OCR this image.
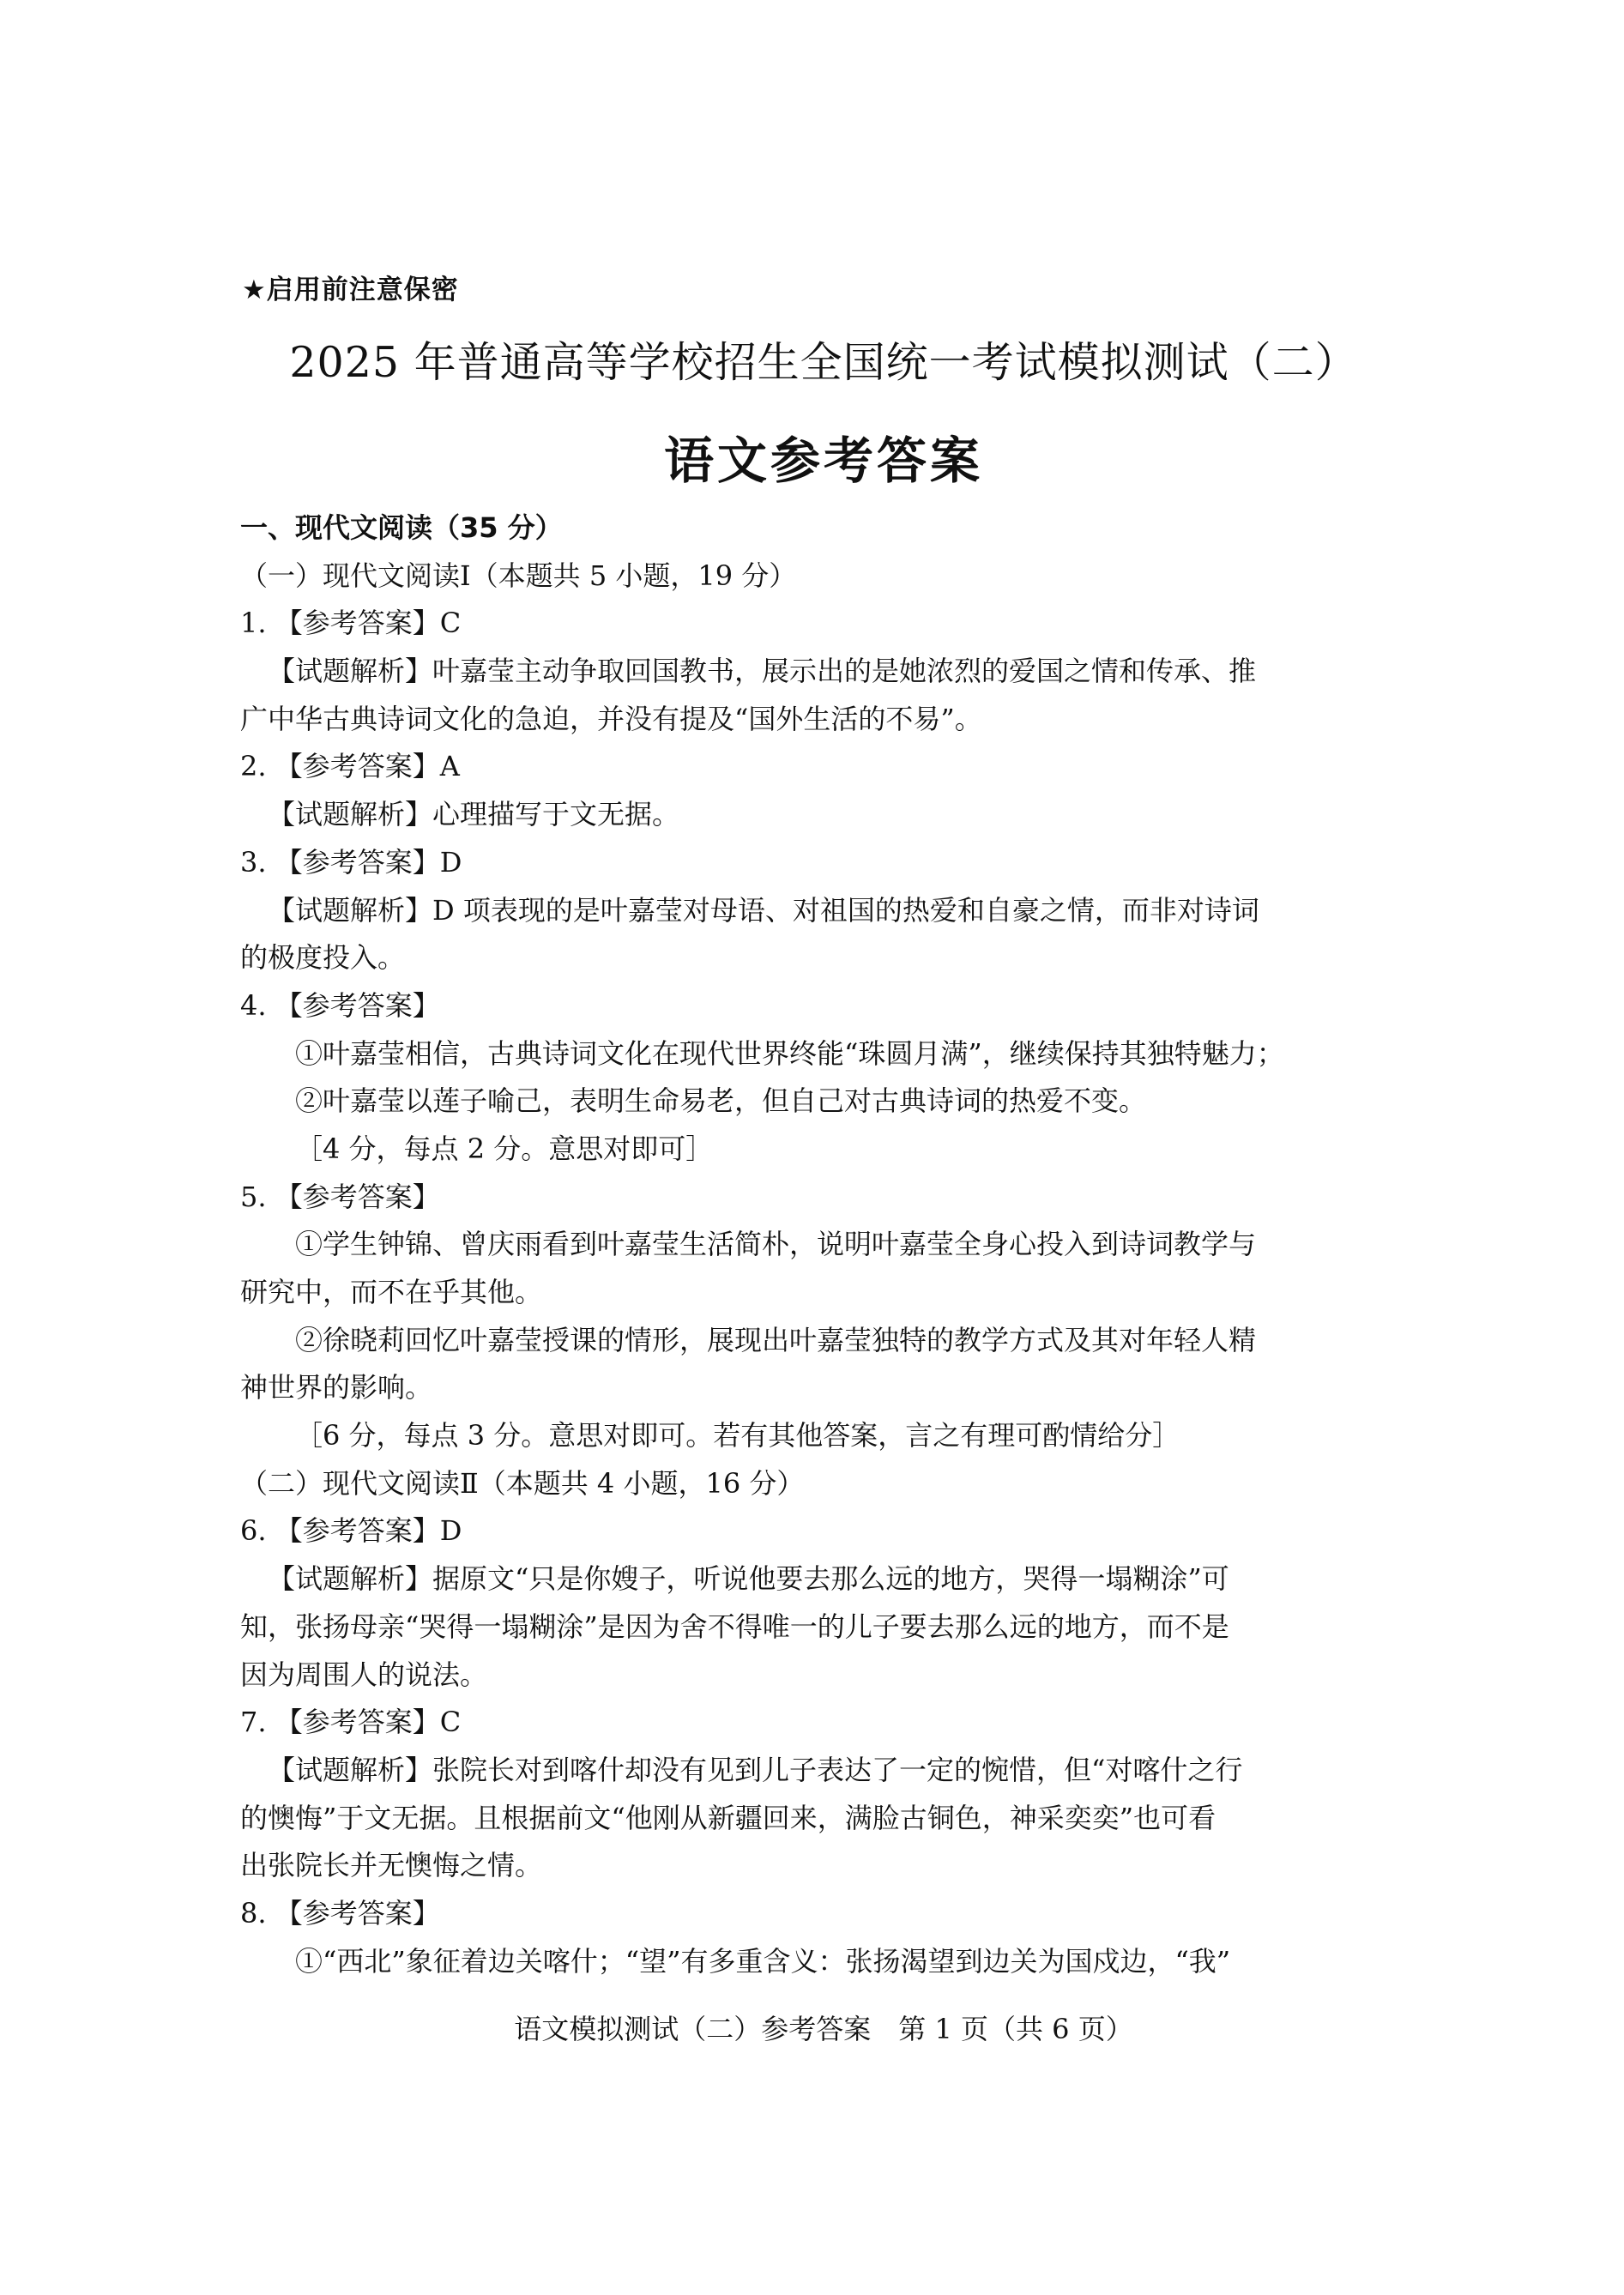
★启用前注意保密
2025 年普通高等学校招生全国统一考试模拟测试（二）
语文参考答案
一、现代文阅读（35 分）
（一）现代文阅读Ⅰ（本题共 5 小题，19 分）
1. 【参考答案】C
【试题解析】叶嘉莹主动争取回国教书，展示出的是她浓烈的爱国之情和传承、推
广中华古典诗词文化的急迫，并没有提及“国外生活的不易”。
2. 【参考答案】A
【试题解析】心理描写于文无据。
3. 【参考答案】D
【试题解析】D 项表现的是叶嘉莹对母语、对祖国的热爱和自豪之情，而非对诗词
的极度投入。
4. 【参考答案】
①叶嘉莹相信，古典诗词文化在现代世界终能“珠圆月满”，继续保持其独特魅力；
②叶嘉莹以莲子喻己，表明生命易老，但自己对古典诗词的热爱不变。
［4 分，每点 2 分。意思对即可］
5. 【参考答案】
①学生钟锦、曾庆雨看到叶嘉莹生活简朴，说明叶嘉莹全身心投入到诗词教学与
研究中，而不在乎其他。
②徐晓莉回忆叶嘉莹授课的情形，展现出叶嘉莹独特的教学方式及其对年轻人精
神世界的影响。
［6 分，每点 3 分。意思对即可。若有其他答案，言之有理可酌情给分］
（二）现代文阅读Ⅱ（本题共 4 小题，16 分）
6. 【参考答案】D
【试题解析】据原文“只是你嫂子，听说他要去那么远的地方，哭得一塌糊涂”可
知，张扬母亲“哭得一塌糊涂”是因为舍不得唯一的儿子要去那么远的地方，而不是
因为周围人的说法。
7. 【参考答案】C
【试题解析】张院长对到喀什却没有见到儿子表达了一定的惋惜，但“对喀什之行
的懊悔”于文无据。且根据前文“他刚从新疆回来，满脸古铜色，神采奕奕”也可看
出张院长并无懊悔之情。
8. 【参考答案】
①“西北”象征着边关喀什；“望”有多重含义：张扬渴望到边关为国戍边，“我”
语文模拟测试（二）参考答案　第 1 页（共 6 页）
